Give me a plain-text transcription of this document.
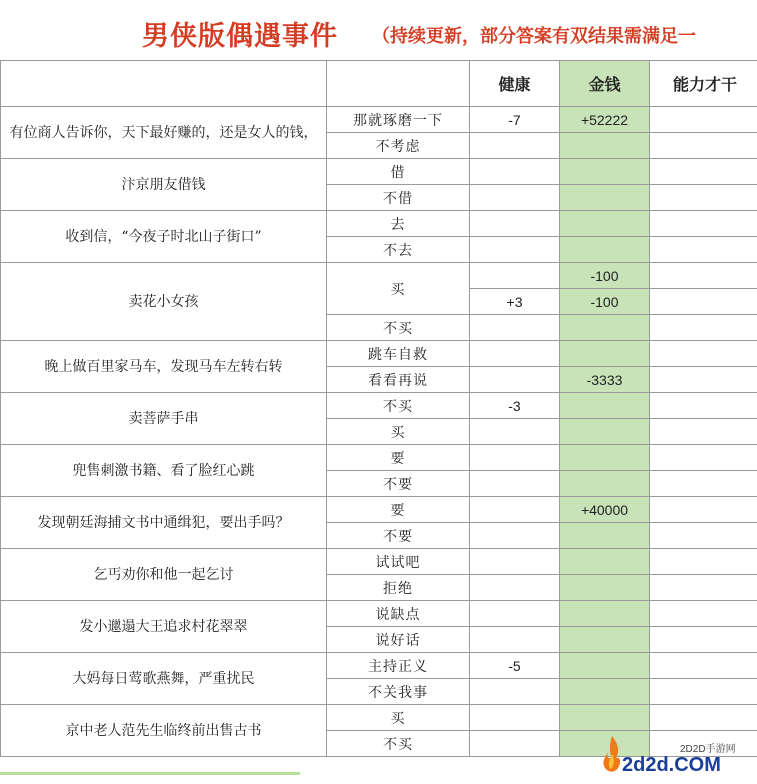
男侠版偶遇事件 （持续更新，部分答案有双结果需满足一
		健康	金钱	能力才干
有位商人告诉你，天下最好赚的，还是女人的钱，	那就琢磨一下	-7	+52222	
	不考虑			
汴京朋友借钱	借			
	不借			
收到信，“今夜子时北山子街口”	去			
	不去			
卖花小女孩	买		-100	
		+3	-100	
	不买			
晚上做百里家马车，发现马车左转右转	跳车自救			
	看看再说		-3333	
卖菩萨手串	不买	-3		
	买			
兜售刺激书籍、看了脸红心跳	要			
	不要			
发现朝廷海捕文书中通缉犯，要出手吗？	要		+40000	
	不要			
乞丐劝你和他一起乞讨	试试吧			
	拒绝			
发小邋遢大王追求村花翠翠	说缺点			
	说好话			
大妈每日莺歌燕舞，严重扰民	主持正义	-5		
	不关我事			
京中老人范先生临终前出售古书	买			
	不买				2D2D手游网
2d2d.COM
